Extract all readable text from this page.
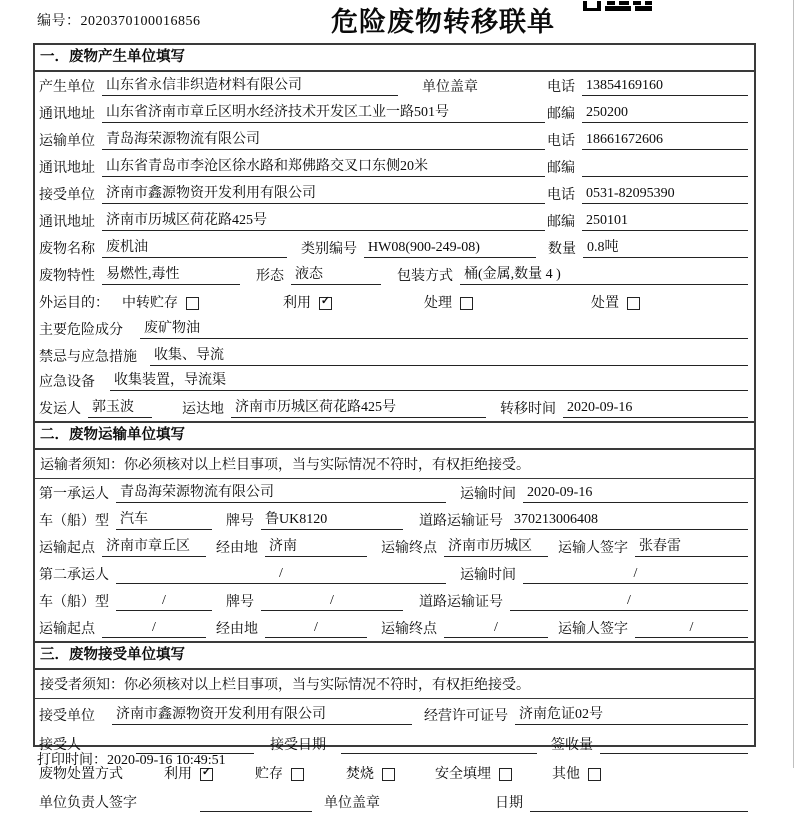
编号：2020370100016856	危险废物转移联单
一．废物产生单位填写
产生单位 山东省永信非织造材料有限公司	单位盖章	电话 13854169160
通讯地址 山东省济南市章丘区明水经济技术开发区工业一路501号	邮编 250200
运输单位 青岛海荣源物流有限公司	电话 18661672606
通讯地址 山东省青岛市李沧区徐水路和郑佛路交叉口东侧20米	邮编
接受单位 济南市鑫源物资开发利用有限公司	电话 0531-82095390
通讯地址 济南市历城区荷花路425号	邮编 250101
废物名称 废机油	类别编号 HW08(900-249-08)	数量 0.8吨
废物特性 易燃性,毒性	形态 液态	包装方式 桶(金属,数量 4 )
外运目的： 中转贮存	利用 ✓	处理	处置
主要危险成分	废矿物油
禁忌与应急措施	收集、导流
应急设备	收集装置，导流渠
发运人 郭玉波	运达地 济南市历城区荷花路425号	转移时间 2020-09-16
二．废物运输单位填写
运输者须知：你必须核对以上栏目事项，当与实际情况不符时，有权拒绝接受。
第一承运人 青岛海荣源物流有限公司	运输时间 2020-09-16
车（船）型 汽车	牌号 鲁UK8120	道路运输证号 370213006408
运输起点 济南市章丘区	经由地 济南	运输终点 济南市历城区	运输人签字 张春雷
第二承运人	/	运输时间	/
车（船）型	/	牌号	/	道路运输证号	/
运输起点	/	经由地	/	运输终点	/	运输人签字	/
三．废物接受单位填写
接受者须知：你必须核对以上栏目事项，当与实际情况不符时，有权拒绝接受。
接受单位	济南市鑫源物资开发利用有限公司	经营许可证号 济南危证02号
接受人	接受日期	签收量
废物处置方式	利用 ✓	贮存	焚烧	安全填埋	其他
单位负责人签字	单位盖章	日期
打印时间：2020-09-16 10:49:51
